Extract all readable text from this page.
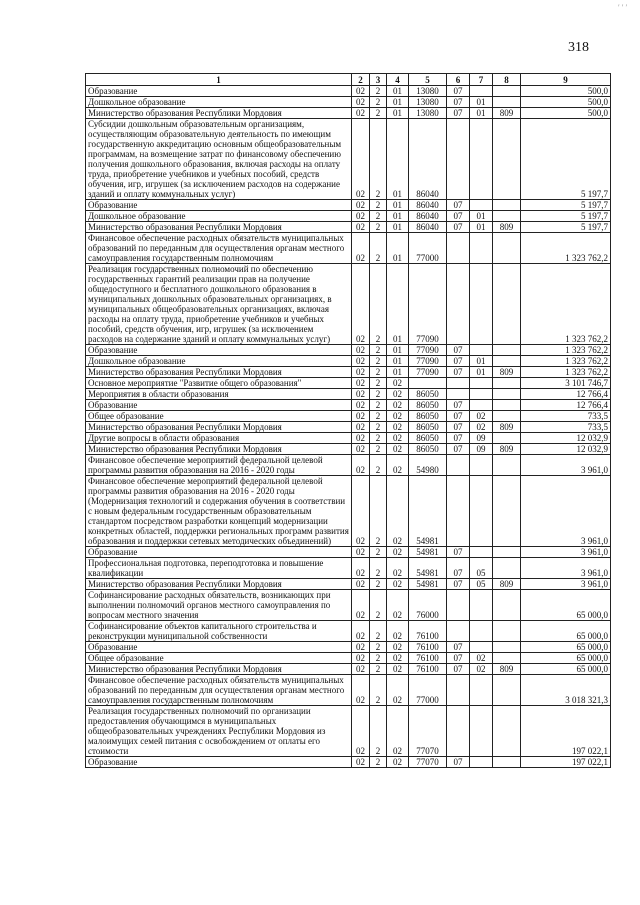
′ ′ ′
318
1	2	3	4	5	6	7	8	9
Образование	02	2	01	13080	07			500,0
Дошкольное образование	02	2	01	13080	07	01		500,0
Министерство образования Республики Мордовия	02	2	01	13080	07	01	809	500,0
Субсидии дошкольным образовательным организациям, осуществляющим образовательную деятельность по имеющим государственную аккредитацию основным общеобразовательным программам, на возмещение затрат по финансовому обеспечению получения дошкольного образования, включая расходы на оплату труда, приобретение учебников и учебных пособий, средств обучения, игр, игрушек (за исключением расходов на содержание зданий и оплату коммунальных услуг)	02	2	01	86040				5 197,7
Образование	02	2	01	86040	07			5 197,7
Дошкольное образование	02	2	01	86040	07	01		5 197,7
Министерство образования Республики Мордовия	02	2	01	86040	07	01	809	5 197,7
Финансовое обеспечение расходных обязательств муниципальных образований по переданным для осуществления органам местного самоуправления государственным полномочиям	02	2	01	77000				1 323 762,2
Реализация государственных полномочий по обеспечению государственных гарантий реализации прав на получение общедоступного и бесплатного дошкольного образования в муниципальных дошкольных образовательных организациях, в муниципальных общеобразовательных организациях, включая расходы на оплату труда, приобретение учебников и учебных пособий, средств обучения, игр, игрушек (за исключением расходов на содержание зданий и оплату коммунальных услуг)	02	2	01	77090				1 323 762,2
Образование	02	2	01	77090	07			1 323 762,2
Дошкольное образование	02	2	01	77090	07	01		1 323 762,2
Министерство образования Республики Мордовия	02	2	01	77090	07	01	809	1 323 762,2
Основное мероприятие "Развитие общего образования"	02	2	02					3 101 746,7
Мероприятия в области образования	02	2	02	86050				12 766,4
Образование	02	2	02	86050	07			12 766,4
Общее образование	02	2	02	86050	07	02		733,5
Министерство образования Республики Мордовия	02	2	02	86050	07	02	809	733,5
Другие вопросы в области образования	02	2	02	86050	07	09		12 032,9
Министерство образования Республики Мордовия	02	2	02	86050	07	09	809	12 032,9
Финансовое обеспечение мероприятий федеральной целевой программы развития образования на 2016 - 2020 годы	02	2	02	54980				3 961,0
Финансовое обеспечение мероприятий федеральной целевой программы развития образования на 2016 - 2020 годы (Модернизация технологий и содержания обучения в соответствии с новым федеральным государственным образовательным стандартом посредством разработки концепций модернизации конкретных областей, поддержки региональных программ развития образования и поддержки сетевых методических объединений)	02	2	02	54981				3 961,0
Образование	02	2	02	54981	07			3 961,0
Профессиональная подготовка, переподготовка и повышение квалификации	02	2	02	54981	07	05		3 961,0
Министерство образования Республики Мордовия	02	2	02	54981	07	05	809	3 961,0
Софинансирование расходных обязательств, возникающих при выполнении полномочий органов местного самоуправления по вопросам местного значения	02	2	02	76000				65 000,0
Софинансирование объектов капитального строительства и реконструкции муниципальной собственности	02	2	02	76100				65 000,0
Образование	02	2	02	76100	07			65 000,0
Общее образование	02	2	02	76100	07	02		65 000,0
Министерство образования Республики Мордовия	02	2	02	76100	07	02	809	65 000,0
Финансовое обеспечение расходных обязательств муниципальных образований по переданным для осуществления органам местного самоуправления государственным полномочиям	02	2	02	77000				3 018 321,3
Реализация государственных полномочий по организации предоставления обучающимся в муниципальных общеобразовательных учреждениях Республики Мордовия из малоимущих семей питания с освобождением от оплаты его стоимости	02	2	02	77070				197 022,1
Образование	02	2	02	77070	07			197 022,1
